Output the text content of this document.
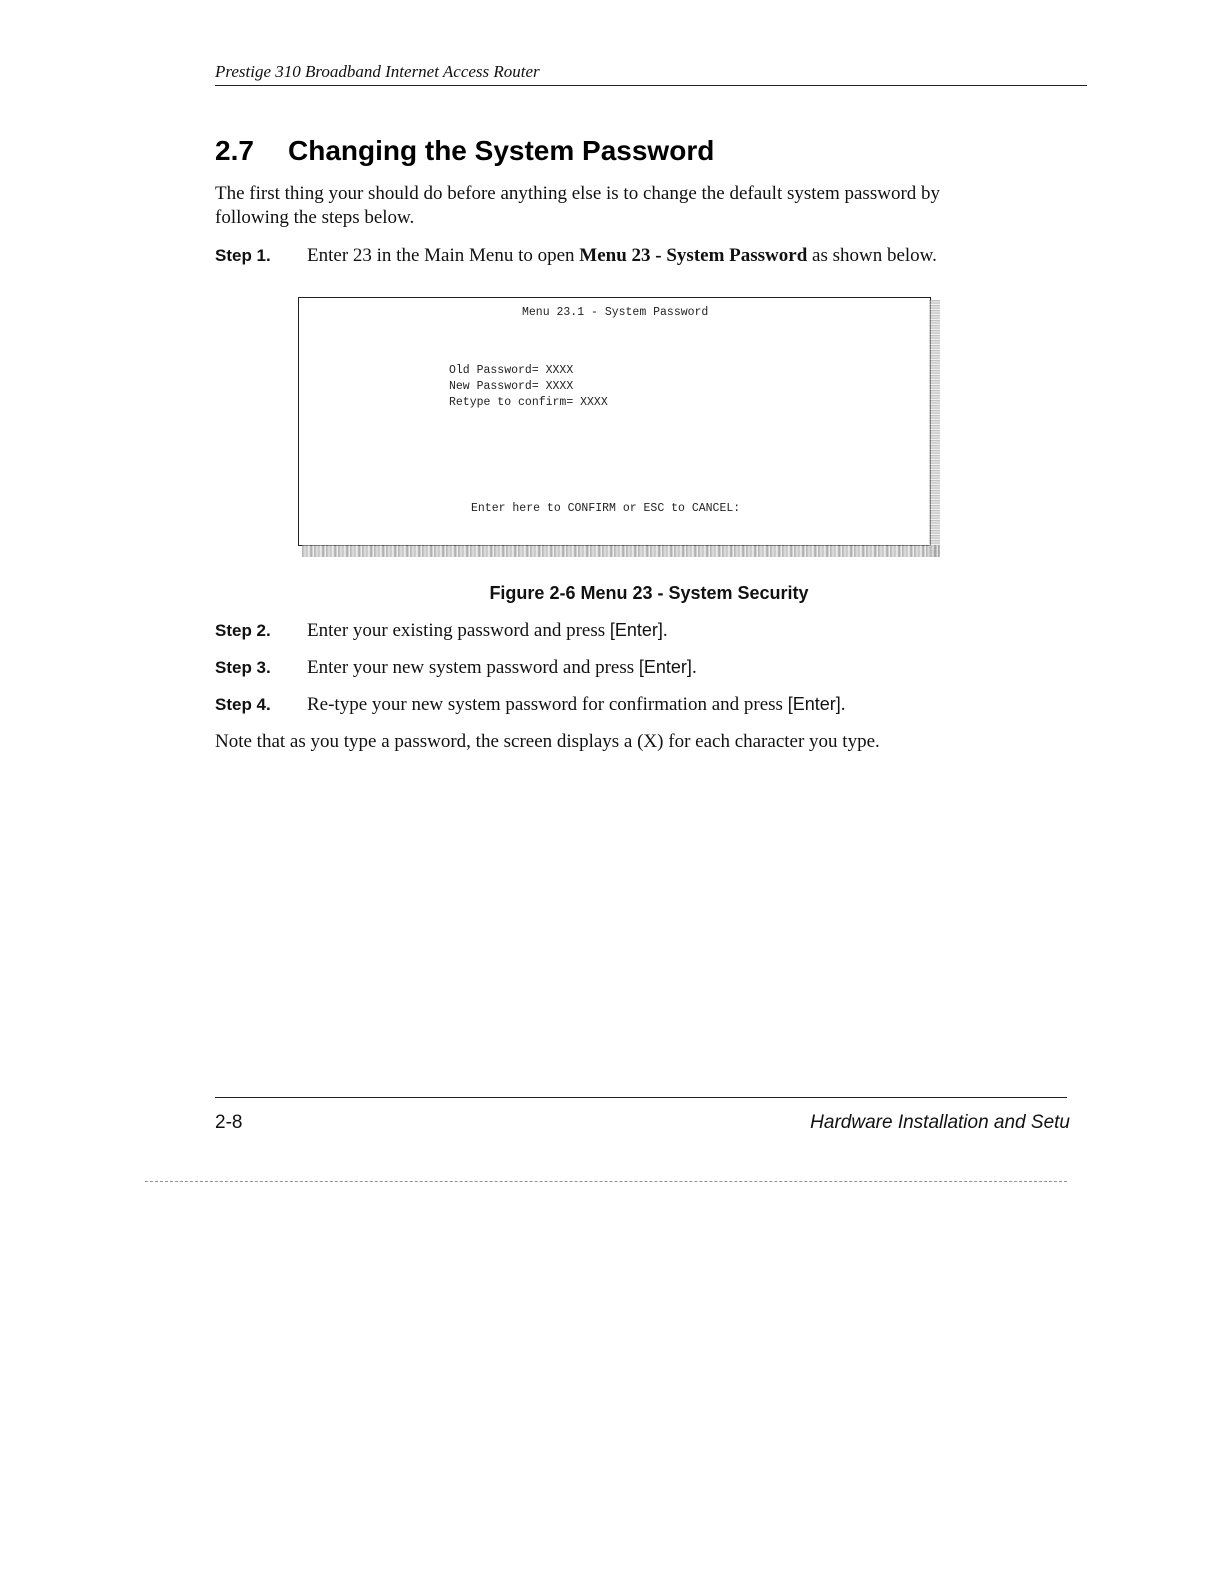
Prestige 310 Broadband Internet Access Router
2.7 Changing the System Password

The first thing your should do before anything else is to change the default system password by
following the steps below.

Step 1. Enter 23 in the Main Menu to open Menu 23 - System Password as shown below.

Menu 23.1 - System Password
Old Password= XXXX
New Password= XXXX
Retype to confirm= XXXX
Enter here to CONFIRM or ESC to CANCEL:

Figure 2-6 Menu 23 - System Security

Step 2. Enter your existing password and press [Enter].

Step 3. Enter your new system password and press [Enter].

Step 4. Re-type your new system password for confirmation and press [Enter].

Note that as you type a password, the screen displays a (X) for each character you type.

2-8	Hardware Installation and Setu
